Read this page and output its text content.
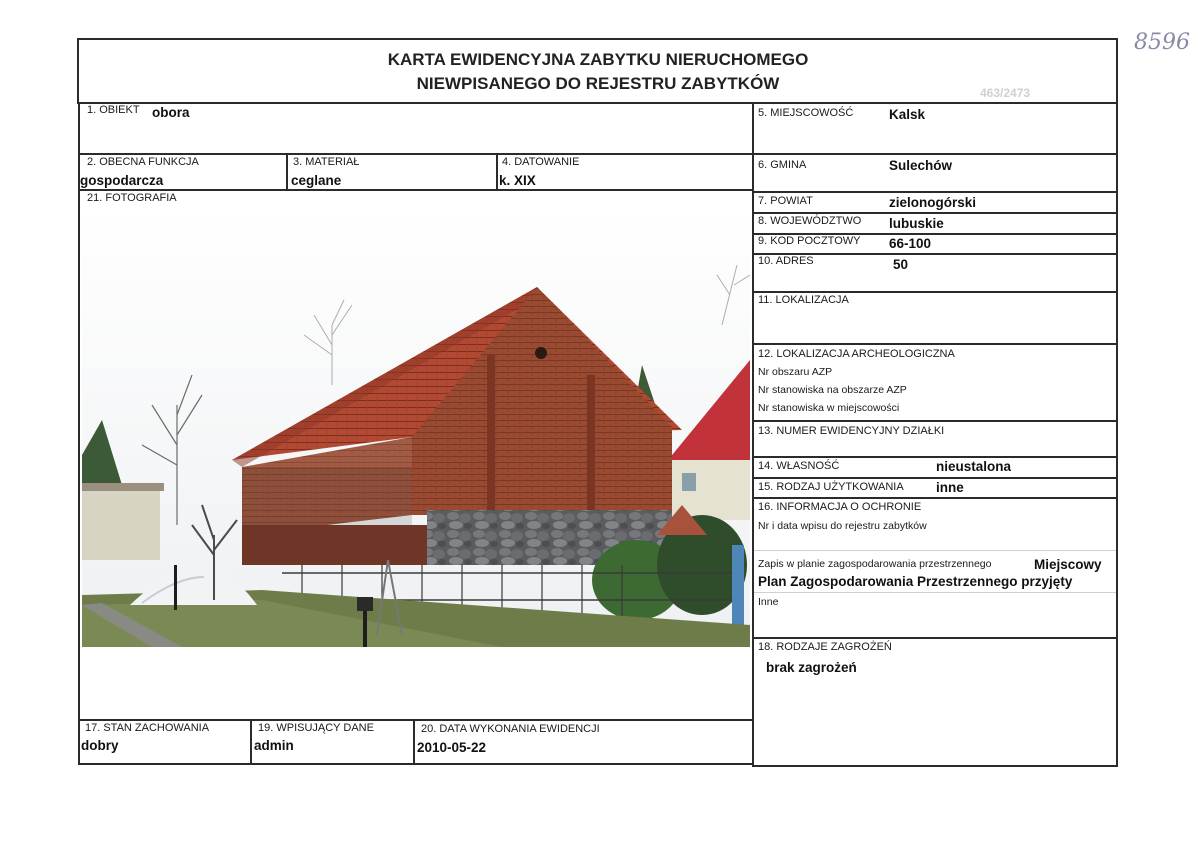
8596
463/2473
KARTA EWIDENCYJNA ZABYTKU NIERUCHOMEGO
NIEWPISANEGO DO REJESTRU ZABYTKÓW
1. OBIEKT obora
2. OBECNA FUNKCJA
gospodarcza
3. MATERIAŁ
ceglane
4. DATOWANIE
k. XIX
21. FOTOGRAFIA
17. STAN ZACHOWANIA
dobry
19. WPISUJĄCY DANE
admin
20. DATA WYKONANIA EWIDENCJI
2010-05-22
5. MIEJSCOWOŚĆ	Kalsk
6. GMINA	Sulechów
7. POWIAT	zielonogórski
8. WOJEWÓDZTWO lubuskie
9. KOD POCZTOWY 66-100
10. ADRES	50
11. LOKALIZACJA
12. LOKALIZACJA ARCHEOLOGICZNA
Nr obszaru AZP
Nr stanowiska na obszarze AZP
Nr stanowiska w miejscowości
13. NUMER EWIDENCYJNY DZIAŁKI
14. WŁASNOŚĆ	nieustalona
15. RODZAJ UŻYTKOWANIA inne
16. INFORMACJA O OCHRONIE
Nr i data wpisu do rejestru zabytków
Zapis w planie zagospodarowania przestrzennego	Miejscowy
Plan Zagospodarowania Przestrzennego przyjęty
Inne
18. RODZAJE ZAGROŻEŃ
brak zagrożeń
